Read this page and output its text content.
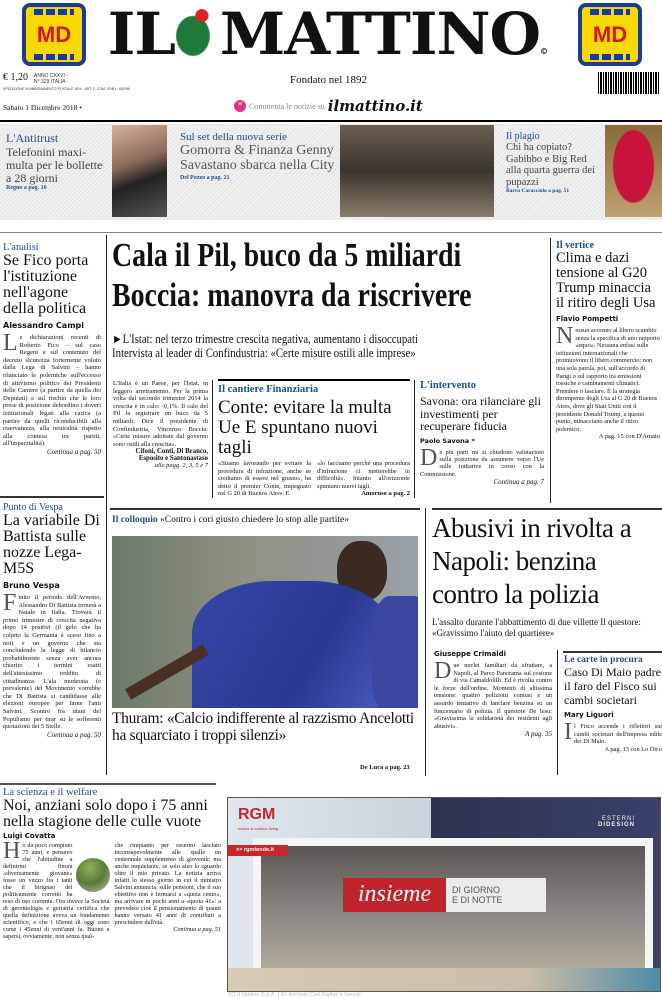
MD	MD
IL MATTINO©
€ 1,20 ANNO CXXVI - N° 329 ITALIA
SPEDIZIONE IN ABBONAMENTO POSTALE 45% - ART. 2, COM. 20/B L. 662/96
Fondato nel 1892
Sabato 1 Dicembre 2018 •	❝ Commenta le notizie su ilmattino.it
L'Antitrust
Telefonini maxi-multa per le bollette a 28 giorni
Regno a pag. 16
Sul set della nuova serie
Gomorra & Finanza Genny Savastano sbarca nella City
Del Pozzo a pag. 21
Il plagio
Chi ha copiato? Gabibbo e Big Red alla quarta guerra dei pupazzi
Barra Caracciolo a pag. 51
L'analisi
Se Fico porta l'istituzione nell'agone della politica
Alessandro Campi
Le dichiarazioni recenti di Roberto Fico – sul caso Regeni e sul contenuto del decreto sicurezza fortemente voluto dalla Lega di Salvini – hanno rilanciato le polemiche sull'eccesso di attivismo politico dei Presidenti delle Camere (a partire da quella dei Deputati) e sul rischio che le loro prese di posizione debordino i doveri istituzionali legati alla carica (a partire da quelli riconducibili alla riservatezza, alla neutralità rispetto alla contesa tra partiti, all'imparzialità).
Continua a pag. 50
Punto di Vespa
La variabile Di Battista sulle nozze Lega-M5S
Bruno Vespa
Finito il periodo dell'Avvento, Alessandro Di Battista tornerà a Natale in Italia. Troverà il primo trimestre di crescita negativa dopo 14 positivi (il gelo che ha colpito la Germania è sceso fino a noi) e un governo che sta concludendo la legge di bilancio probabilmente senza aver ancora chiarito i termini esatti dell'attesissimo reddito di cittadinanza. L'ala moderata (e prevalente) del Movimento vorrebbe che Di Battista si candidasse alle elezioni europee per farne l'anti Salvini. Scontro fra titani del Populismo per tirar su le sofferenti quotazioni dei 5 Stelle.
Continua a pag. 50
Cala il Pil, buco da 5 miliardi
Boccia: manovra da riscrivere
►L'Istat: nel terzo trimestre crescita negativa, aumentano i disoccupati
Intervista al leader di Confindustria: «Certe misure ostili alle imprese»
L'Italia è un Paese, per l'Istat, in leggero arretramento. Per la prima volta dal secondo trimestre 2014 la crescita è in calo: -0,1%. Il calo del Pil fa registrare un buco da 5 miliardi. Dice il presidente di Confindustria, Vincenzo Boccia: «Certe misure adottate dal governo sono ostili alla crescita».
Cifoni, Conti, Di Branco, Esposito e Santonastaso
alle pagg. 2, 3, 5 e 7
Il cantiere Finanziaria
Conte: evitare la multa Ue E spuntano nuovi tagli
«Stiamo lavorando per evitare la procedura di infrazione, anche se crediamo di essere nel giusto», ha detto il premier Conte, impegnato nel G 20 di Buenos Aires. E
«lo facciamo perché una procedura d'infrazione ci metterebbe in difficoltà». Intanto all'orizzonte spuntano nuovi tagli.
Amoruso a pag. 2
L'intervento
Savona: ora rilanciare gli investimenti per recuperare fiducia
Paolo Savona *
Da più parti mi si chiedono valutazioni sulla posizione da assumere verso l'Ue sulle trattative in corso con la Commissione.
Continua a pag. 7
Il vertice
Clima e dazi tensione al G20 Trump minaccia il ritiro degli Usa
Flavio Pompetti
Nessun accenno al libero scambio senza la specifica di uno rapporto «equo». Nessuna enfasi sulle istituzioni internazionali che promuovono il libero commercio; non una sola parola, poi, sull'accordo di Parigi o sul rapporto tra emissioni tossiche e cambiamenti climatici. Prendere o lasciare. È la strategia dirompente degli Usa al G 20 di Buenos Aires, dove gli Stati Uniti con il presidente Donald Trump, a questo punto, minacciano anche il ritiro polemico.
A pag. 15 con D'Amato
Il colloquio «Contro i cori giusto chiedere lo stop alle partite»
Thuram: «Calcio indifferente al razzismo Ancelotti ha squarciato i troppi silenzi»
De Luca a pag. 23
Abusivi in rivolta a Napoli: benzina contro la polizia
L'assalto durante l'abbattimento di due villette Il questore: «Gravissimo l'aiuto del quartiere»
Giuseppe Crimaldi
Due nuclei familiari da sfrattare, a Napoli, al Parco Panorama sul costone di via Camaldolilli. Ed è rivolta contro le forze dell'ordine. Momenti di altissima tensione: quattro poliziotti contusi e un assurdo tentativo di lanciare benzina su un funzionario di polizia. Il questore De Iesu: «Gravissima la solidarietà dei residenti agli abusivi».
A pag. 35
Le carte in procura
Caso Di Maio padre il faro del Fisco sui cambi societari
Mary Liguori
Il Fisco accende i riflettori sui cambi societari dell'impresa edile dei Di Maio.
A pag. 13 con Lo Dico
La scienza e il welfare
Noi, anziani solo dopo i 75 anni nella stagione delle culle vuote
Luigi Covatta
Ho da poco compiuto 75 anni, e pensavo che l'abitudine a definirmi finora «diversamente giovane» fosse un vezzo fra i tanti che il birignao del politicamente corretto ha reso di uso corrente. Ora invece la Società di gerontologia e geriatria certifica che quella definizione aveva un fondamento scientifico, e che i 65enni di oggi sono come i 45enni di vent'anni fa. Buono a sapersi, ovviamente, non senza qual-
che rimpianto per essermi lasciato inconsapevolmente alle spalle un ventennale supplemento di gioventù: ma anche inquietante, se solo alzo lo sguardo oltre il mio privato. La notizia arriva infatti lo stesso giorno in cui il ministro Salvini annuncia, sulle pensioni, che il suo obiettivo non è fermarsi a «quota cento», ma arrivare in pochi anni a «quota 41»: a prevedere cioè il pensionamento di quanti hanno versato 41 anni di contributi a prescindere dall'età.
Continua a pag. 51
RGM
Indoor & outdoor living
>> rgmtende.it
insieme	DI GIORNO
E DI NOTTE
ESTERNI
DIDESIGN
(C) Il Mattino S.p.A. | ID: Archivio Ced Digitali e Servizi
